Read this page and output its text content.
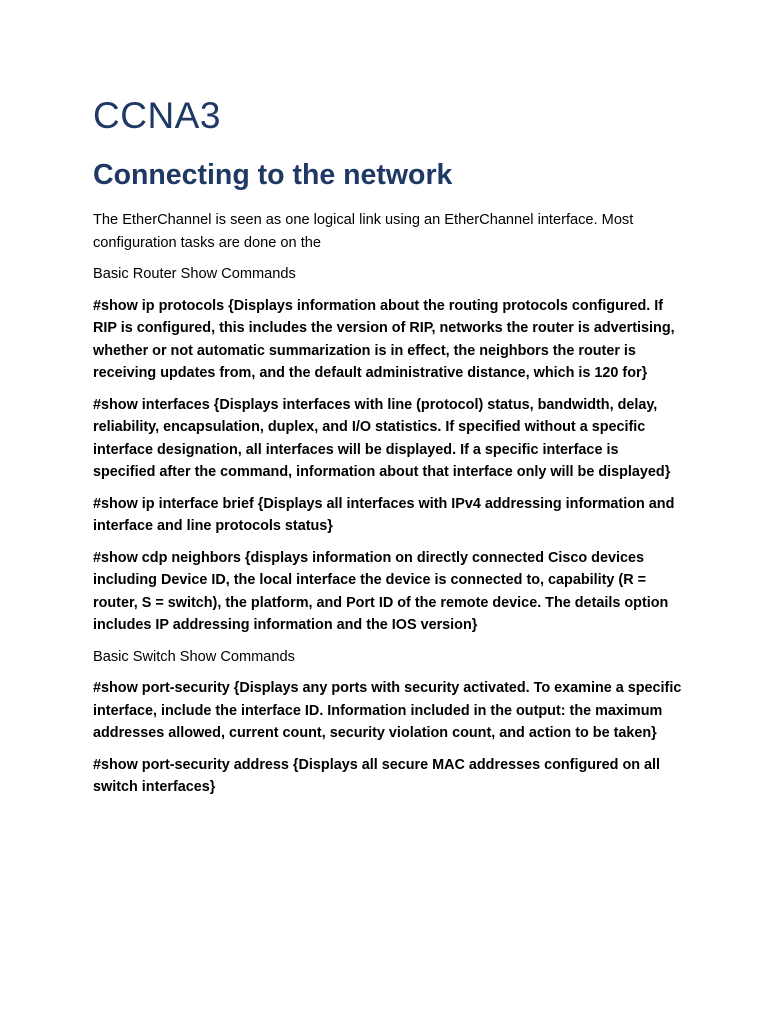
CCNA3
Connecting to the network

The EtherChannel is seen as one logical link using an EtherChannel interface. Most configuration tasks are done on the

Basic Router Show Commands

#show ip protocols {Displays information about the routing protocols configured. If RIP is configured, this includes the version of RIP, networks the router is advertising, whether or not automatic summarization is in effect, the neighbors the router is receiving updates from, and the default administrative distance, which is 120 for}

#show interfaces {Displays interfaces with line (protocol) status, bandwidth, delay, reliability, encapsulation, duplex, and I/O statistics. If specified without a specific interface designation, all interfaces will be displayed. If a specific interface is specified after the command, information about that interface only will be displayed}

#show ip interface brief {Displays all interfaces with IPv4 addressing information and interface and line protocols status}

#show cdp neighbors {displays information on directly connected Cisco devices including Device ID, the local interface the device is connected to, capability (R = router, S = switch), the platform, and Port ID of the remote device. The details option includes IP addressing information and the IOS version}

Basic Switch Show Commands

#show port-security {Displays any ports with security activated. To examine a specific interface, include the interface ID. Information included in the output: the maximum addresses allowed, current count, security violation count, and action to be taken}

#show port-security address {Displays all secure MAC addresses configured on all switch interfaces}
